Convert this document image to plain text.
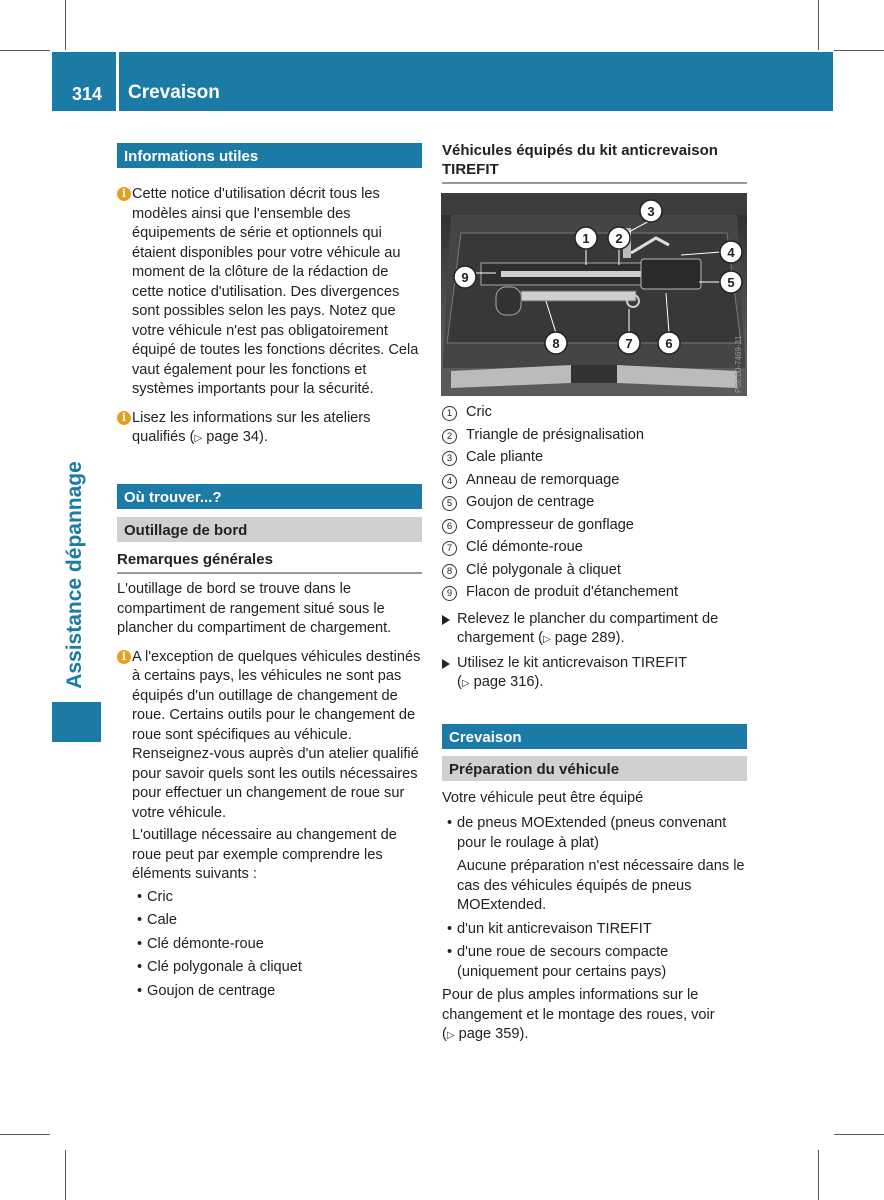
314 Crevaison
Assistance dépannage
Informations utiles

i Cette notice d'utilisation décrit tous les modèles ainsi que l'ensemble des équipements de série et optionnels qui étaient disponibles pour votre véhicule au moment de la clôture de la rédaction de cette notice d'utilisation. Des divergences sont possibles selon les pays. Notez que votre véhicule n'est pas obligatoirement équipé de toutes les fonctions décrites. Cela vaut également pour les fonctions et systèmes importants pour la sécurité.

i Lisez les informations sur les ateliers qualifiés (▷ page 34).

Où trouver...?
Outillage de bord
Remarques générales

L'outillage de bord se trouve dans le compartiment de rangement situé sous le plancher du compartiment de chargement.

i A l'exception de quelques véhicules destinés à certains pays, les véhicules ne sont pas équipés d'un outillage de changement de roue. Certains outils pour le changement de roue sont spécifiques au véhicule. Renseignez-vous auprès d'un atelier qualifié pour savoir quels sont les outils nécessaires pour effectuer un changement de roue sur votre véhicule.

L'outillage nécessaire au changement de roue peut par exemple comprendre les éléments suivants :

• Cric

• Cale

• Clé démonte-roue

• Clé polygonale à cliquet

• Goujon de centrage

Véhicules équipés du kit anticrevaison TIREFIT
1 2
3
4
5
6
7
8
9
P68.00-7469-31
1 Cric
2 Triangle de présignalisation
3 Cale pliante
4 Anneau de remorquage
5 Goujon de centrage
6 Compresseur de gonflage
7 Clé démonte-roue
8 Clé polygonale à cliquet
9 Flacon de produit d'étanchement

Relevez le plancher du compartiment de chargement (▷ page 289).

Utilisez le kit anticrevaison TIREFIT
(▷ page 316).

Crevaison
Préparation du véhicule

Votre véhicule peut être équipé

• de pneus MOExtended (pneus convenant pour le roulage à plat)

Aucune préparation n'est nécessaire dans le cas des véhicules équipés de pneus MOExtended.

• d'un kit anticrevaison TIREFIT

• d'une roue de secours compacte (uniquement pour certains pays)

Pour de plus amples informations sur le changement et le montage des roues, voir
(▷ page 359).
